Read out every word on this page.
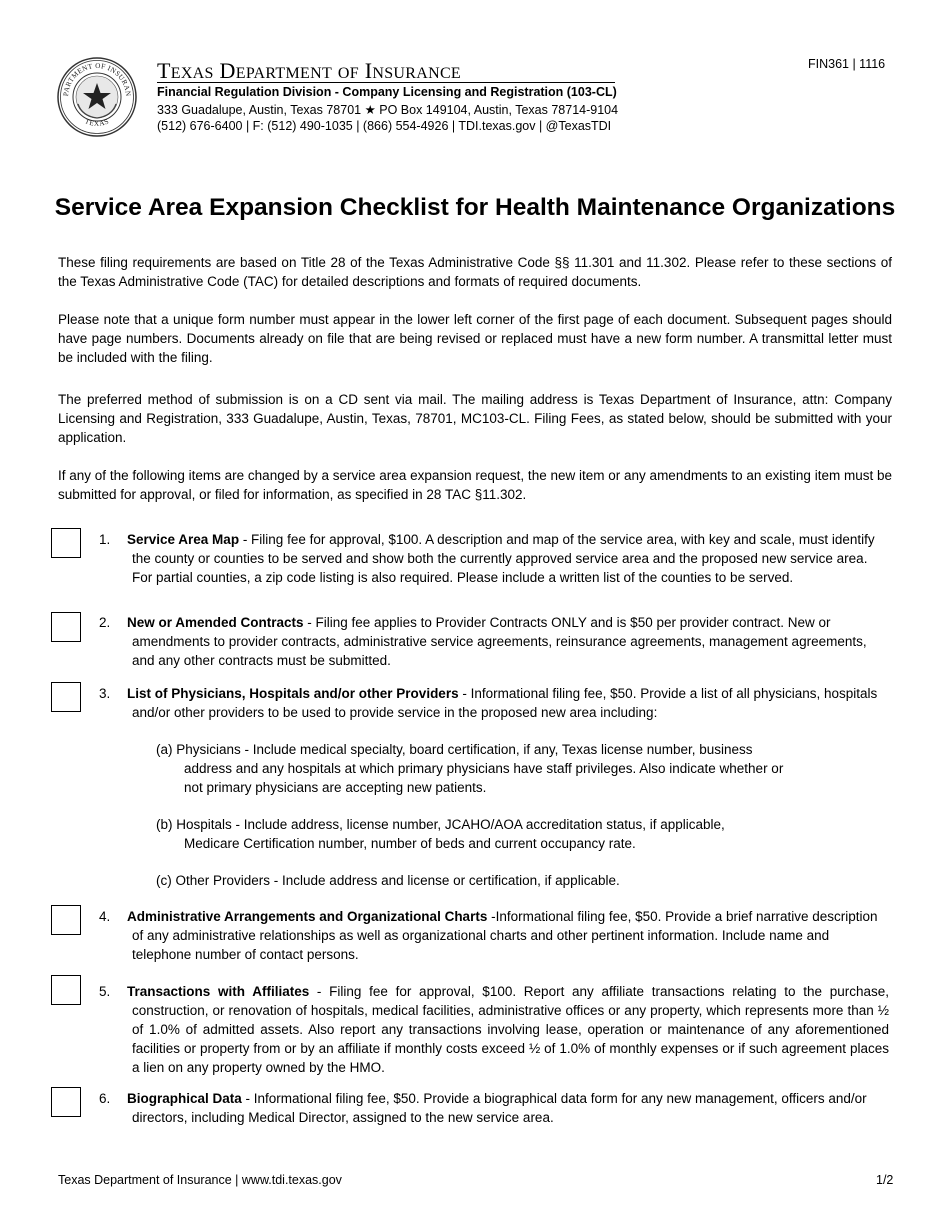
PARTMENT OF INSURAN
TEXAS
TEXAS DEPARTMENT OF INSURANCE
Financial Regulation Division - Company Licensing and Registration (103-CL)
333 Guadalupe, Austin, Texas 78701 ★ PO Box 149104, Austin, Texas 78714-9104
(512) 676-6400 | F: (512) 490-1035 | (866) 554-4926 | TDI.texas.gov | @TexasTDI
FIN361 | 1116
Service Area Expansion Checklist for Health Maintenance Organizations
These filing requirements are based on Title 28 of the Texas Administrative Code §§ 11.301 and 11.302. Please refer to these sections of the Texas Administrative Code (TAC) for detailed descriptions and formats of required documents.
Please note that a unique form number must appear in the lower left corner of the first page of each document. Subsequent pages should have page numbers. Documents already on file that are being revised or replaced must have a new form number. A transmittal letter must be included with the filing.
The preferred method of submission is on a CD sent via mail. The mailing address is Texas Department of Insurance, attn: Company Licensing and Registration, 333 Guadalupe, Austin, Texas, 78701, MC103-CL. Filing Fees, as stated below, should be submitted with your application.
If any of the following items are changed by a service area expansion request, the new item or any amendments to an existing item must be submitted for approval, or filed for information, as specified in 28 TAC §11.302.
1. Service Area Map - Filing fee for approval, $100. A description and map of the service area, with key and scale, must identify the county or counties to be served and show both the currently approved service area and the proposed new service area. For partial counties, a zip code listing is also required. Please include a written list of the counties to be served.
2. New or Amended Contracts - Filing fee applies to Provider Contracts ONLY and is $50 per provider contract. New or amendments to provider contracts, administrative service agreements, reinsurance agreements, management agreements, and any other contracts must be submitted.
3. List of Physicians, Hospitals and/or other Providers - Informational filing fee, $50. Provide a list of all physicians, hospitals and/or other providers to be used to provide service in the proposed new area including:
(a) Physicians - Include medical specialty, board certification, if any, Texas license number, business address and any hospitals at which primary physicians have staff privileges. Also indicate whether or not primary physicians are accepting new patients.
(b) Hospitals - Include address, license number, JCAHO/AOA accreditation status, if applicable, Medicare Certification number, number of beds and current occupancy rate.
(c) Other Providers - Include address and license or certification, if applicable.
4. Administrative Arrangements and Organizational Charts -Informational filing fee, $50. Provide a brief narrative description of any administrative relationships as well as organizational charts and other pertinent information. Include name and telephone number of contact persons.
5. Transactions with Affiliates - Filing fee for approval, $100. Report any affiliate transactions relating to the purchase, construction, or renovation of hospitals, medical facilities, administrative offices or any property, which represents more than ½ of 1.0% of admitted assets. Also report any transactions involving lease, operation or maintenance of any aforementioned facilities or property from or by an affiliate if monthly costs exceed ½ of 1.0% of monthly expenses or if such agreement places a lien on any property owned by the HMO.
6. Biographical Data - Informational filing fee, $50. Provide a biographical data form for any new management, officers and/or directors, including Medical Director, assigned to the new service area.
Texas Department of Insurance | www.tdi.texas.gov	1/2
